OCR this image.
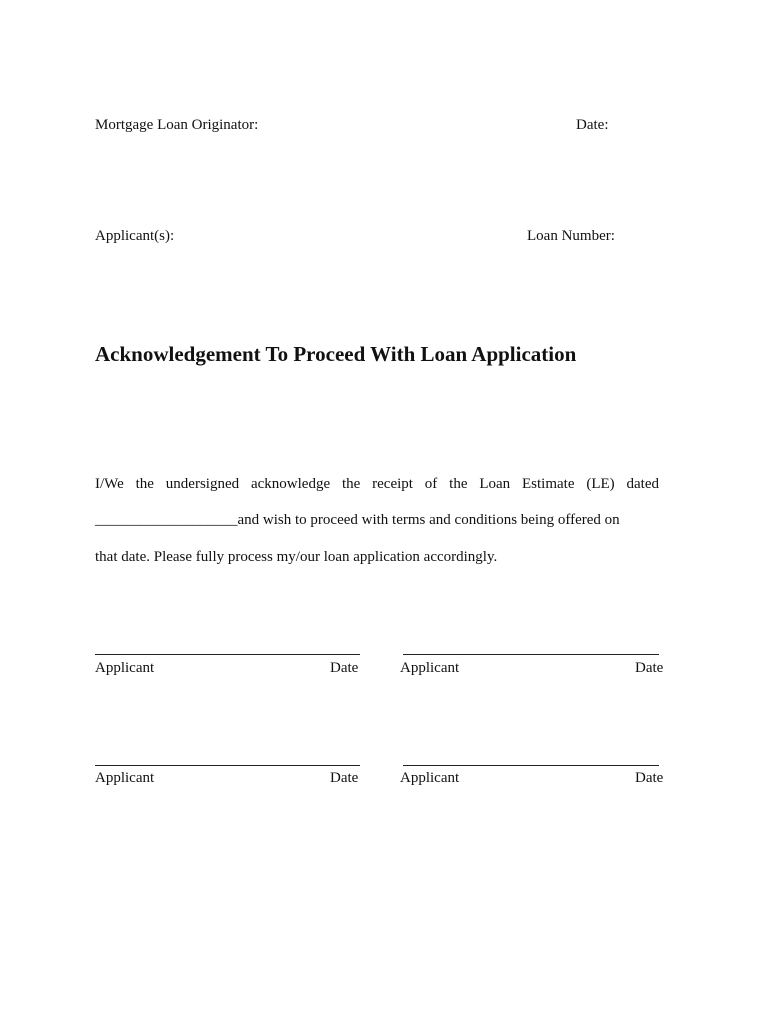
Mortgage Loan Originator:	Date:
Applicant(s):	Loan Number:
Acknowledgement To Proceed With Loan Application
I/We the undersigned acknowledge the receipt of the Loan Estimate (LE) dated
___________________and wish to proceed with terms and conditions being offered on
that date. Please fully process my/our loan application accordingly.
Applicant	Date	Applicant	Date
Applicant	Date	Applicant	Date
